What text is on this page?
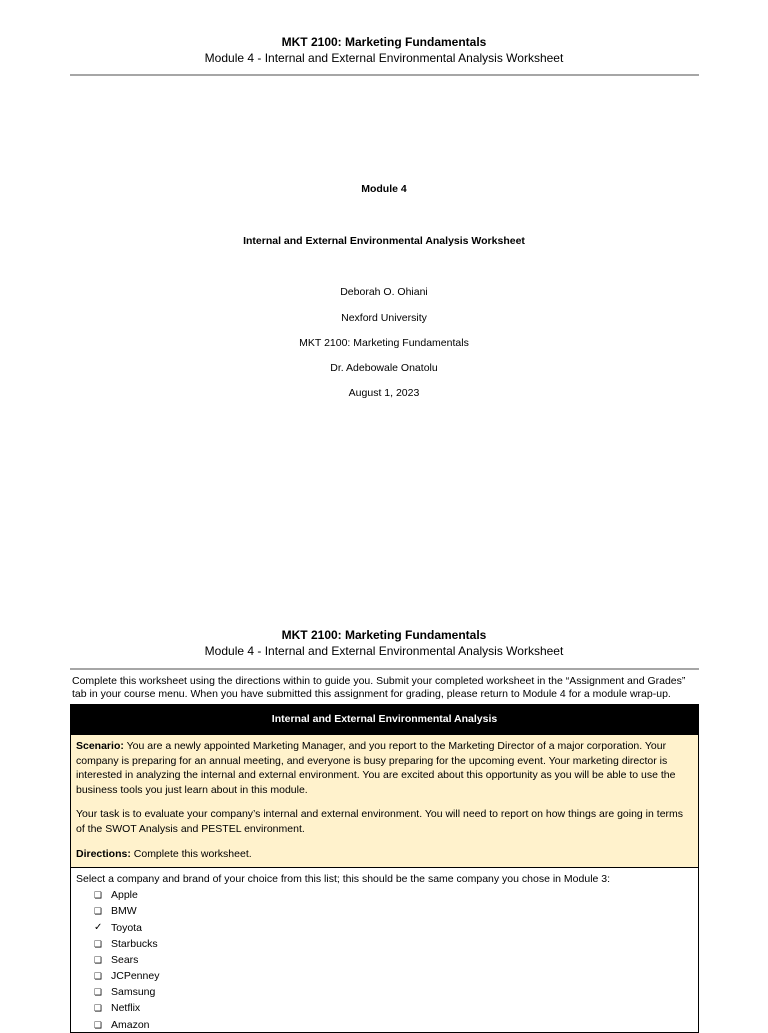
MKT 2100: Marketing Fundamentals
Module 4 - Internal and External Environmental Analysis Worksheet
Module 4
Internal and External Environmental Analysis Worksheet
Deborah O. Ohiani
Nexford University
MKT 2100: Marketing Fundamentals
Dr. Adebowale Onatolu
August 1, 2023
MKT 2100: Marketing Fundamentals
Module 4 - Internal and External Environmental Analysis Worksheet
Complete this worksheet using the directions within to guide you. Submit your completed worksheet in the “Assignment and Grades”
tab in your course menu. When you have submitted this assignment for grading, please return to Module 4 for a module wrap-up.
Internal and External Environmental Analysis

Scenario: You are a newly appointed Marketing Manager, and you report to the Marketing Director of a major corporation. Your company is preparing for an annual meeting, and everyone is busy preparing for the upcoming event. Your marketing director is interested in analyzing the internal and external environment. You are excited about this opportunity as you will be able to use the business tools you just learn about in this module.

Your task is to evaluate your company’s internal and external environment. You will need to report on how things are going in terms of the SWOT Analysis and PESTEL environment.

Directions: Complete this worksheet.

Select a company and brand of your choice from this list; this should be the same company you chose in Module 3:
❏ Apple
❏ BMW
✓ Toyota
❏ Starbucks
❏ Sears
❏ JCPenney
❏ Samsung
❏ Netflix
❏ Amazon
